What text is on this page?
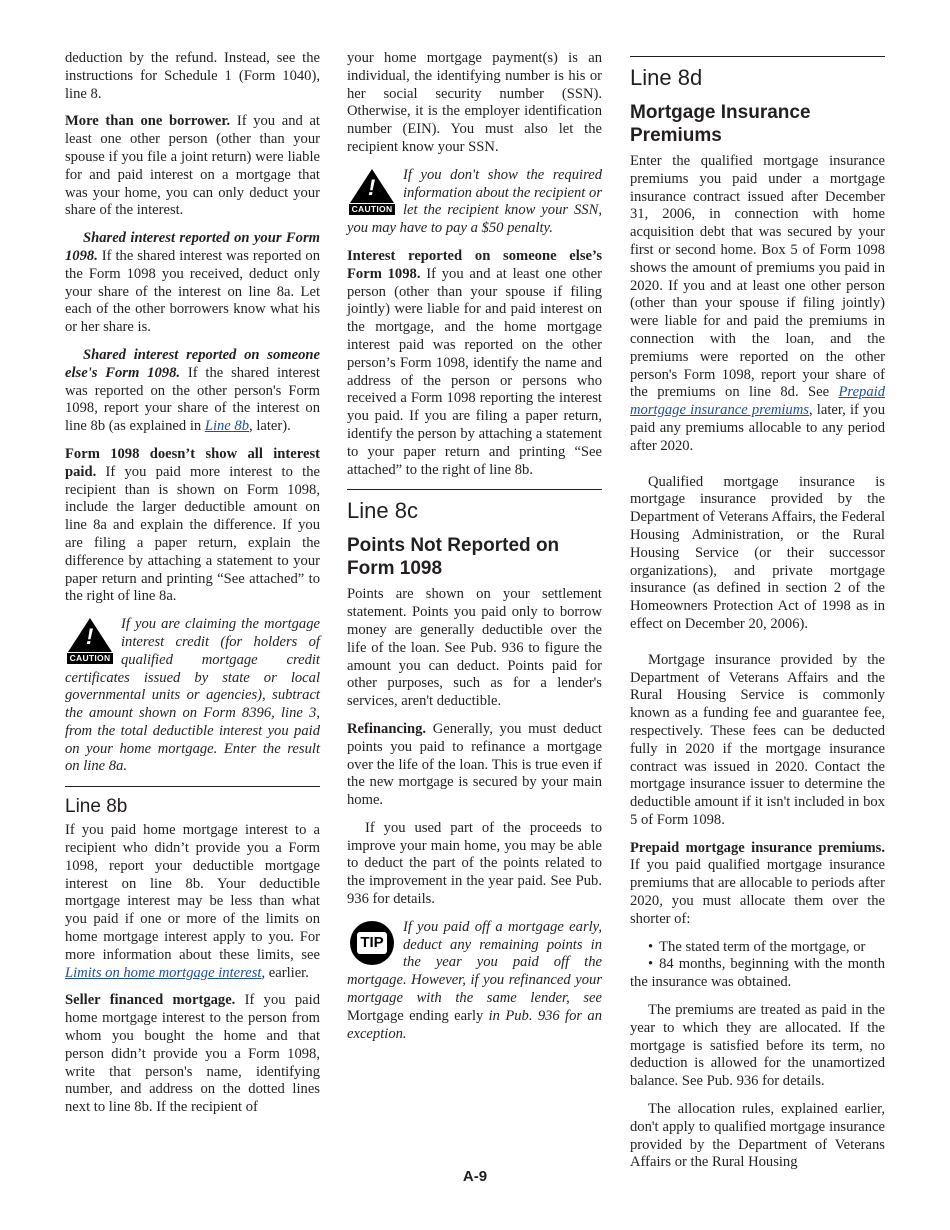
deduction by the refund. Instead, see the instructions for Schedule 1 (Form 1040), line 8.

More than one borrower. If you and at least one other person (other than your spouse if you file a joint return) were liable for and paid interest on a mortgage that was your home, you can only deduct your share of the interest.

Shared interest reported on your Form 1098. If the shared interest was reported on the Form 1098 you received, deduct only your share of the interest on line 8a. Let each of the other borrowers know what his or her share is.

Shared interest reported on someone else's Form 1098. If the shared interest was reported on the other person's Form 1098, report your share of the interest on line 8b (as explained in Line 8b, later).

Form 1098 doesn’t show all interest paid. If you paid more interest to the recipient than is shown on Form 1098, include the larger deductible amount on line 8a and explain the difference. If you are filing a paper return, explain the difference by attaching a statement to your paper return and printing “See attached” to the right of line 8a.

!
CAUTION
If you are claiming the mortgage interest credit (for holders of qualified mortgage credit certificates issued by state or local governmental units or agencies), subtract the amount shown on Form 8396, line 3, from the total deductible interest you paid on your home mortgage. Enter the result on line 8a.
Line 8b

If you paid home mortgage interest to a recipient who didn’t provide you a Form 1098, report your deductible mortgage interest on line 8b. Your deductible mortgage interest may be less than what you paid if one or more of the limits on home mortgage interest apply to you. For more information about these limits, see Limits on home mortgage interest, earlier.

Seller financed mortgage. If you paid home mortgage interest to the person from whom you bought the home and that person didn’t provide you a Form 1098, write that person's name, identifying number, and address on the dotted lines next to line 8b. If the recipient of

your home mortgage payment(s) is an individual, the identifying number is his or her social security number (SSN). Otherwise, it is the employer identification number (EIN). You must also let the recipient know your SSN.

!
CAUTION
If you don't show the required information about the recipient or let the recipient know your SSN, you may have to pay a $50 penalty.

Interest reported on someone else’s Form 1098. If you and at least one other person (other than your spouse if filing jointly) were liable for and paid interest on the mortgage, and the home mortgage interest paid was reported on the other person’s Form 1098, identify the name and address of the person or persons who received a Form 1098 reporting the interest you paid. If you are filing a paper return, identify the person by attaching a statement to your paper return and printing “See attached” to the right of line 8b.

Line 8c
Points Not Reported on Form 1098

Points are shown on your settlement statement. Points you paid only to borrow money are generally deductible over the life of the loan. See Pub. 936 to figure the amount you can deduct. Points paid for other purposes, such as for a lender's services, aren't deductible.

Refinancing. Generally, you must deduct points you paid to refinance a mortgage over the life of the loan. This is true even if the new mortgage is secured by your main home.

If you used part of the proceeds to improve your main home, you may be able to deduct the part of the points related to the improvement in the year paid. See Pub. 936 for details.

TIP
If you paid off a mortgage early, deduct any remaining points in the year you paid off the mortgage. However, if you refinanced your mortgage with the same lender, see Mortgage ending early in Pub. 936 for an exception.
Line 8d
Mortgage Insurance Premiums

Enter the qualified mortgage insurance premiums you paid under a mortgage insurance contract issued after December 31, 2006, in connection with home acquisition debt that was secured by your first or second home. Box 5 of Form 1098 shows the amount of premiums you paid in 2020. If you and at least one other person (other than your spouse if filing jointly) were liable for and paid the premiums in connection with the loan, and the premiums were reported on the other person's Form 1098, report your share of the premiums on line 8d. See Prepaid mortgage insurance premiums, later, if you paid any premiums allocable to any period after 2020.

Qualified mortgage insurance is mortgage insurance provided by the Department of Veterans Affairs, the Federal Housing Administration, or the Rural Housing Service (or their successor organizations), and private mortgage insurance (as defined in section 2 of the Homeowners Protection Act of 1998 as in effect on December 20, 2006).

Mortgage insurance provided by the Department of Veterans Affairs and the Rural Housing Service is commonly known as a funding fee and guarantee fee, respectively. These fees can be deducted fully in 2020 if the mortgage insurance contract was issued in 2020. Contact the mortgage insurance issuer to determine the deductible amount if it isn't included in box 5 of Form 1098.

Prepaid mortgage insurance premiums. If you paid qualified mortgage insurance premiums that are allocable to periods after 2020, you must allocate them over the shorter of:

• The stated term of the mortgage, or
• 84 months, beginning with the month the insurance was obtained.

The premiums are treated as paid in the year to which they are allocated. If the mortgage is satisfied before its term, no deduction is allowed for the unamortized balance. See Pub. 936 for details.

The allocation rules, explained earlier, don't apply to qualified mortgage insurance provided by the Department of Veterans Affairs or the Rural Housing

A-9
